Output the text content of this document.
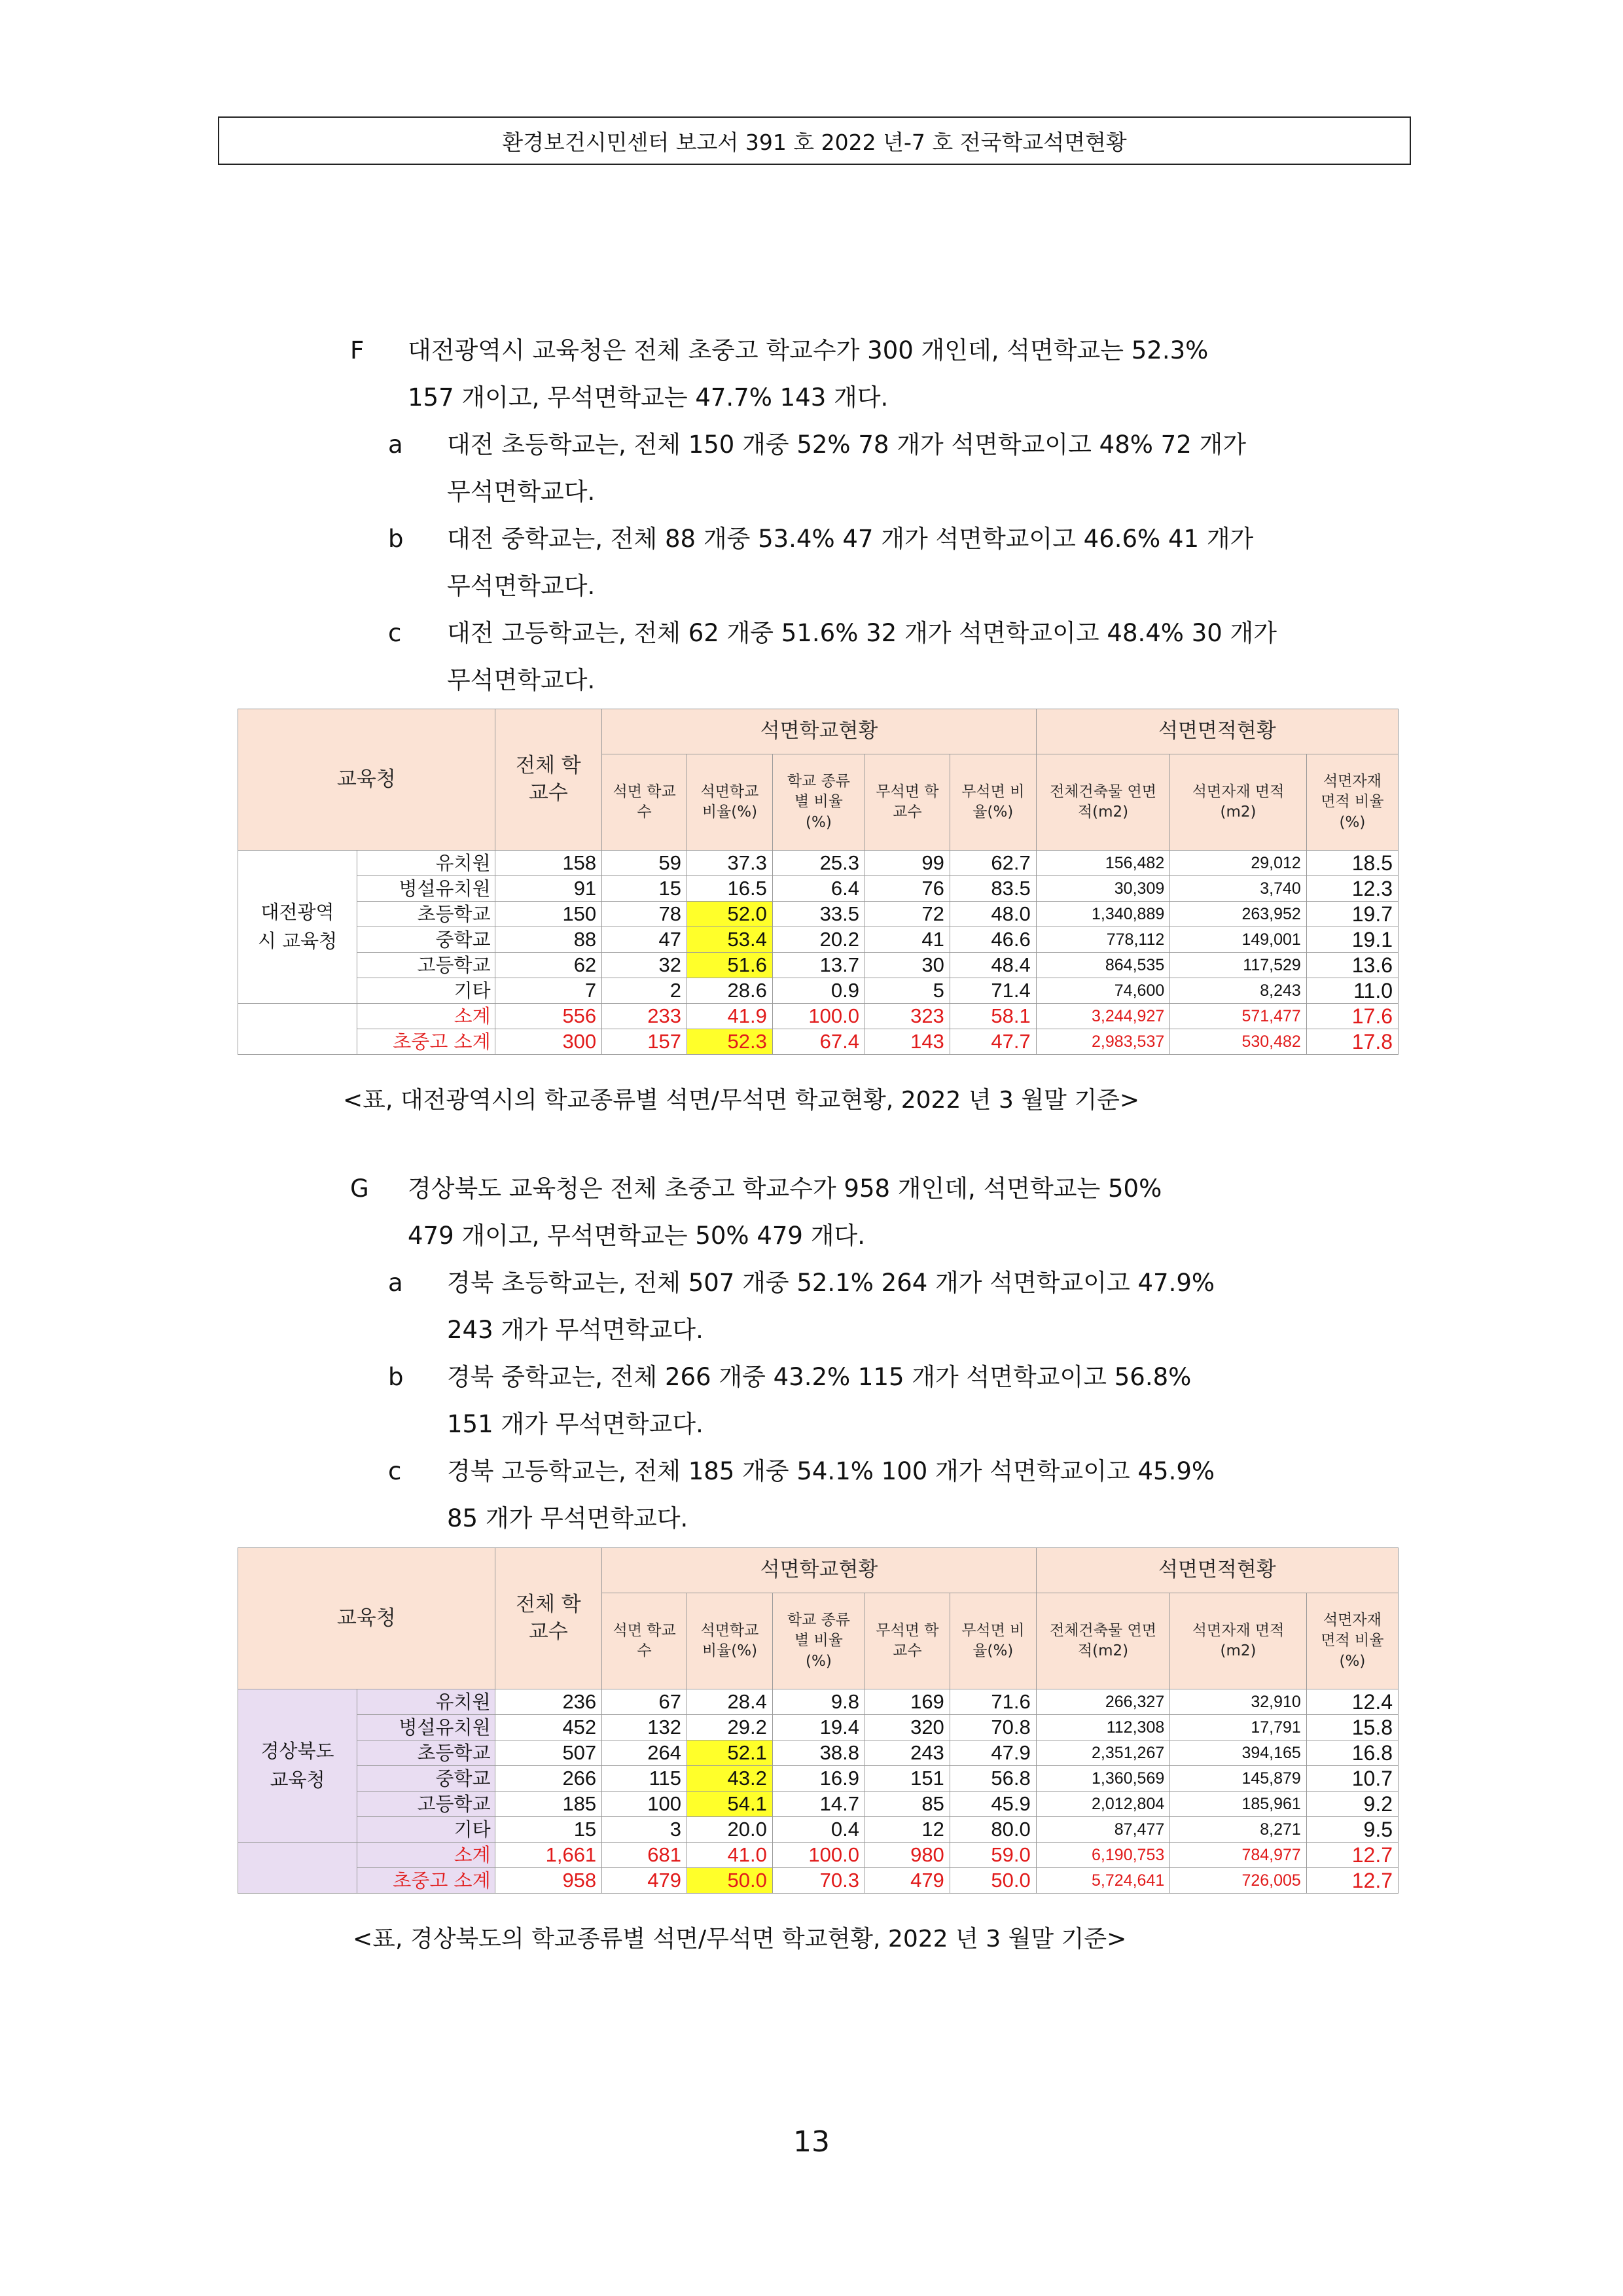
환경보건시민센터 보고서 391 호 2022 년-7 호 전국학교석면현황
F 대전광역시 교육청은 전체 초중고 학교수가 300 개인데, 석면학교는 52.3%
157 개이고, 무석면학교는 47.7% 143 개다.
a 대전 초등학교는, 전체 150 개중 52% 78 개가 석면학교이고 48% 72 개가
무석면학교다.
b 대전 중학교는, 전체 88 개중 53.4% 47 개가 석면학교이고 46.6% 41 개가
무석면학교다.
c 대전 고등학교는, 전체 62 개중 51.6% 32 개가 석면학교이고 48.4% 30 개가
무석면학교다.
교육청		전체 학교수	석면학교현황					석면면적현황		
			석면 학교수	석면학교 비율(%)	학교 종류별 비율(%)	무석면 학교수	무석면 비율(%)	전체건축물 연면적(m2)	석면자재 면적(m2)	석면자재 면적 비율(%)
대전광역시 교육청	유치원	158	59	37.3	25.3	99	62.7	156,482	29,012	18.5
	병설유치원	91	15	16.5	6.4	76	83.5	30,309	3,740	12.3
	초등학교	150	78	52.0	33.5	72	48.0	1,340,889	263,952	19.7
	중학교	88	47	53.4	20.2	41	46.6	778,112	149,001	19.1
	고등학교	62	32	51.6	13.7	30	48.4	864,535	117,529	13.6
	기타	7	2	28.6	0.9	5	71.4	74,600	8,243	11.0
	소계	556	233	41.9	100.0	323	58.1	3,244,927	571,477	17.6
	초중고 소계	300	157	52.3	67.4	143	47.7	2,983,537	530,482	17.8
<표, 대전광역시의 학교종류별 석면/무석면 학교현황, 2022 년 3 월말 기준>
G 경상북도 교육청은 전체 초중고 학교수가 958 개인데, 석면학교는 50%
479 개이고, 무석면학교는 50% 479 개다.
a 경북 초등학교는, 전체 507 개중 52.1% 264 개가 석면학교이고 47.9%
243 개가 무석면학교다.
b 경북 중학교는, 전체 266 개중 43.2% 115 개가 석면학교이고 56.8%
151 개가 무석면학교다.
c 경북 고등학교는, 전체 185 개중 54.1% 100 개가 석면학교이고 45.9%
85 개가 무석면학교다.
교육청		전체 학교수	석면학교현황					석면면적현황		
			석면 학교수	석면학교 비율(%)	학교 종류별 비율(%)	무석면 학교수	무석면 비율(%)	전체건축물 연면적(m2)	석면자재 면적(m2)	석면자재 면적 비율(%)
경상북도 교육청	유치원	236	67	28.4	9.8	169	71.6	266,327	32,910	12.4
	병설유치원	452	132	29.2	19.4	320	70.8	112,308	17,791	15.8
	초등학교	507	264	52.1	38.8	243	47.9	2,351,267	394,165	16.8
	중학교	266	115	43.2	16.9	151	56.8	1,360,569	145,879	10.7
	고등학교	185	100	54.1	14.7	85	45.9	2,012,804	185,961	9.2
	기타	15	3	20.0	0.4	12	80.0	87,477	8,271	9.5
	소계	1,661	681	41.0	100.0	980	59.0	6,190,753	784,977	12.7
	초중고 소계	958	479	50.0	70.3	479	50.0	5,724,641	726,005	12.7
<표, 경상북도의 학교종류별 석면/무석면 학교현황, 2022 년 3 월말 기준>
13
